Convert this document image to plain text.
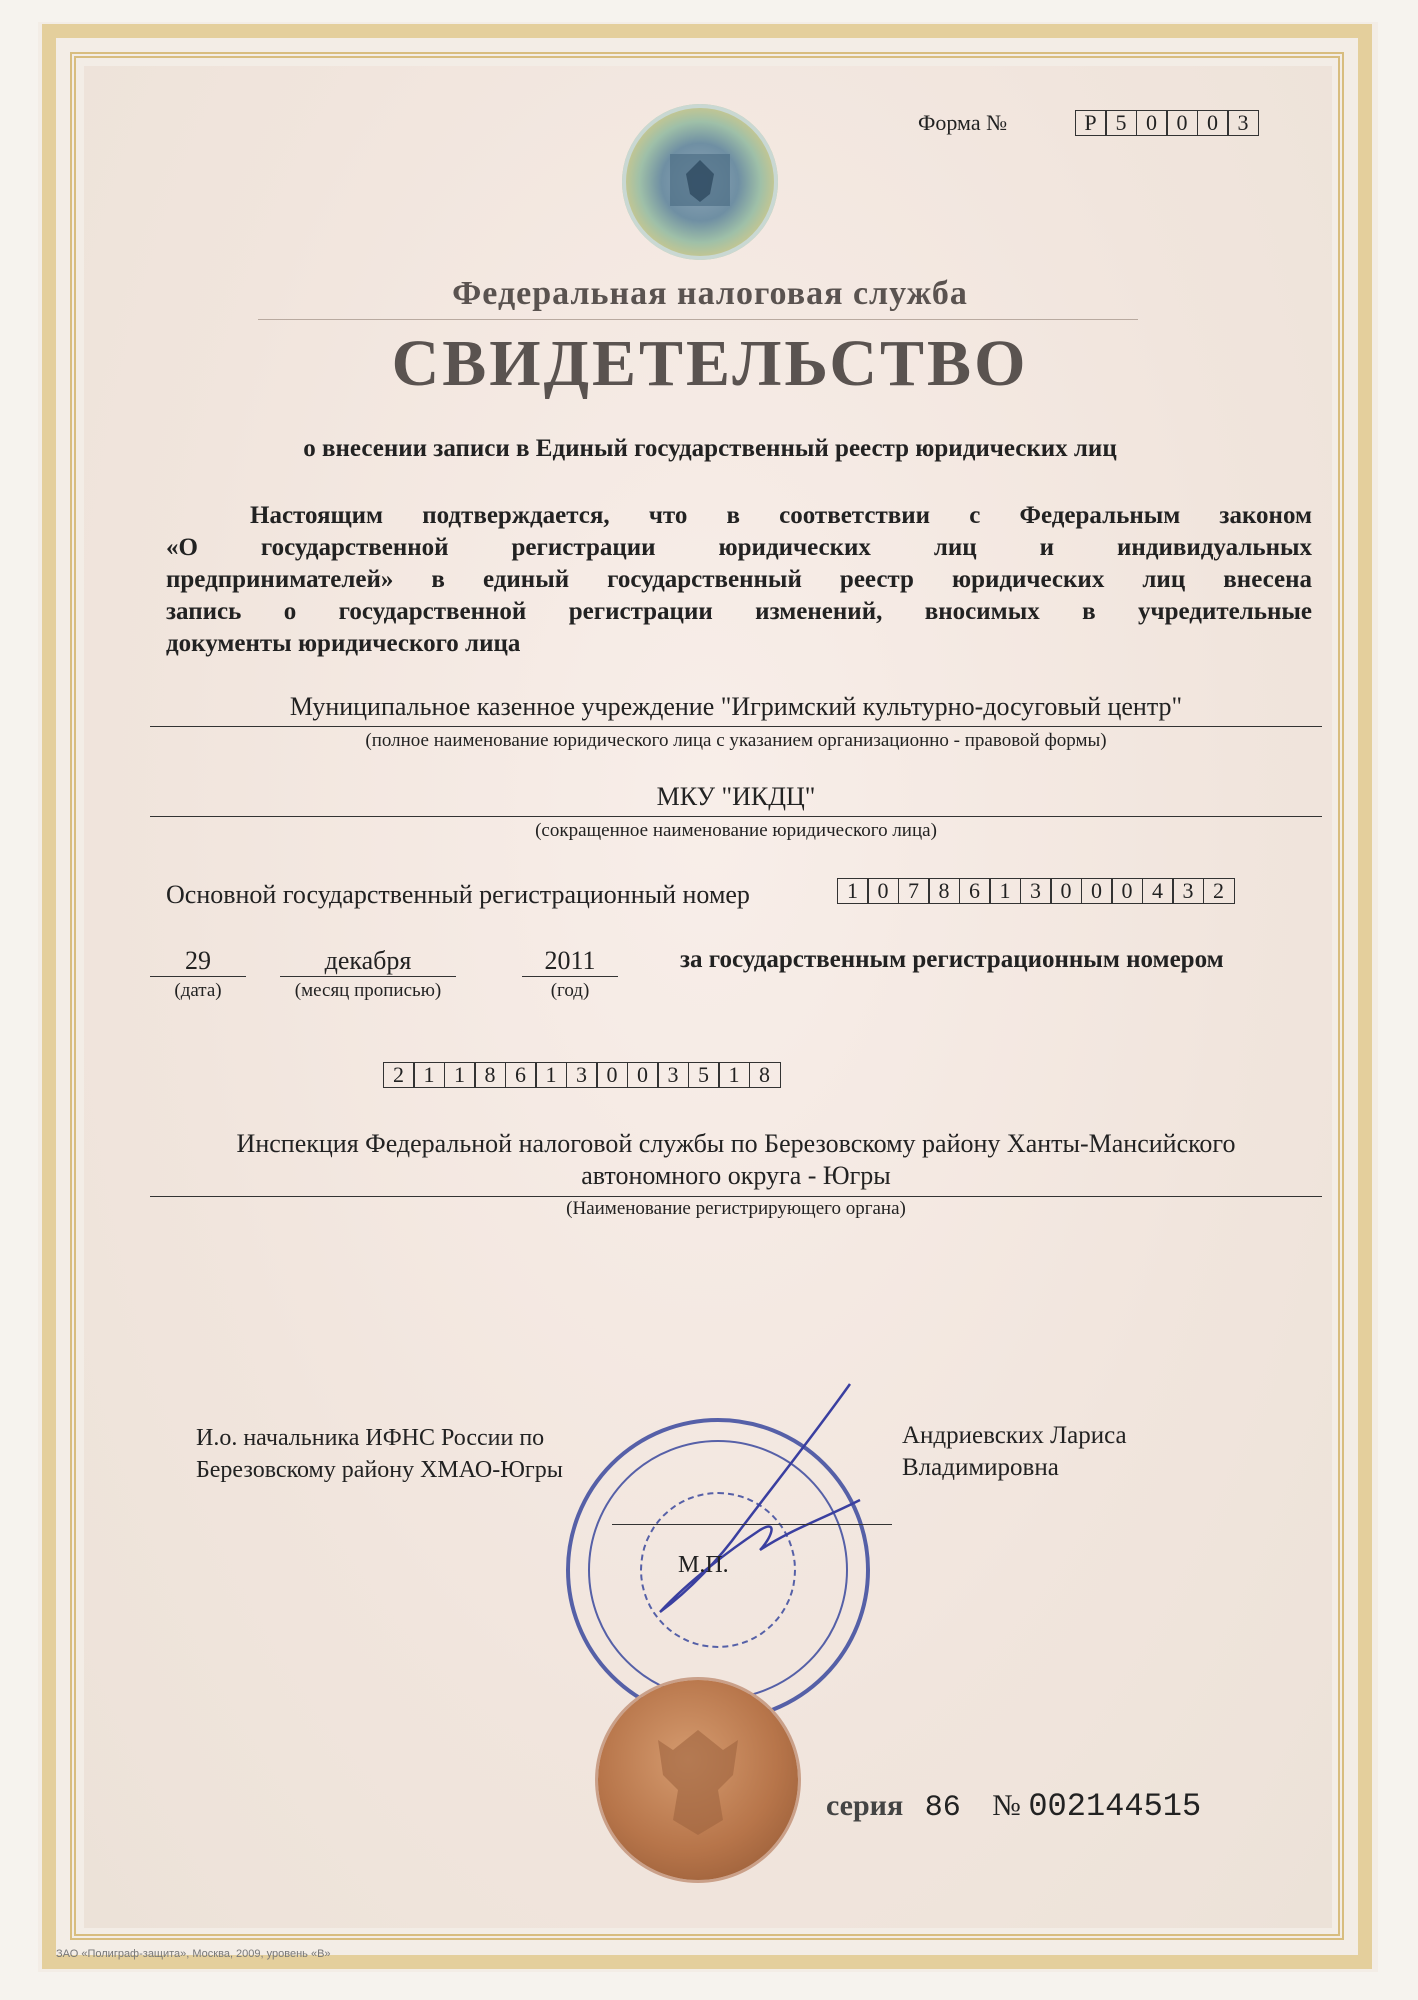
Форма №	Р 5 0 0 0 3
Федеральная налоговая служба
СВИДЕТЕЛЬСТВО
о внесении записи в Единый государственный реестр юридических лиц
Настоящим подтверждается, что в соответствии с Федеральным законом
«О государственной регистрации юридических лиц и индивидуальных
предпринимателей» в единый государственный реестр юридических лиц внесена
запись о государственной регистрации изменений, вносимых в учредительные
документы юридического лица
Муниципальное казенное учреждение "Игримский культурно-досуговый центр"
(полное наименование юридического лица с указанием организационно - правовой формы)
МКУ "ИКДЦ"
(сокращенное наименование юридического лица)
Основной государственный регистрационный номер	1 0 7 8 6 1 3 0 0 0 4 3 2
29
(дата)
декабря
(месяц прописью)
2011
(год)
за государственным регистрационным номером
2 1 1 8 6 1 3 0 0 3 5 1 8
Инспекция Федеральной налоговой службы по Березовскому району Ханты-Мансийского
автономного округа - Югры
(Наименование регистрирующего органа)
И.о. начальника ИФНС России по
Березовскому району ХМАО-Югры
Андриевских Лариса
Владимировна
М.П.
серия 86 № 002144515
ЗАО «Полиграф-защита», Москва, 2009, уровень «В»
